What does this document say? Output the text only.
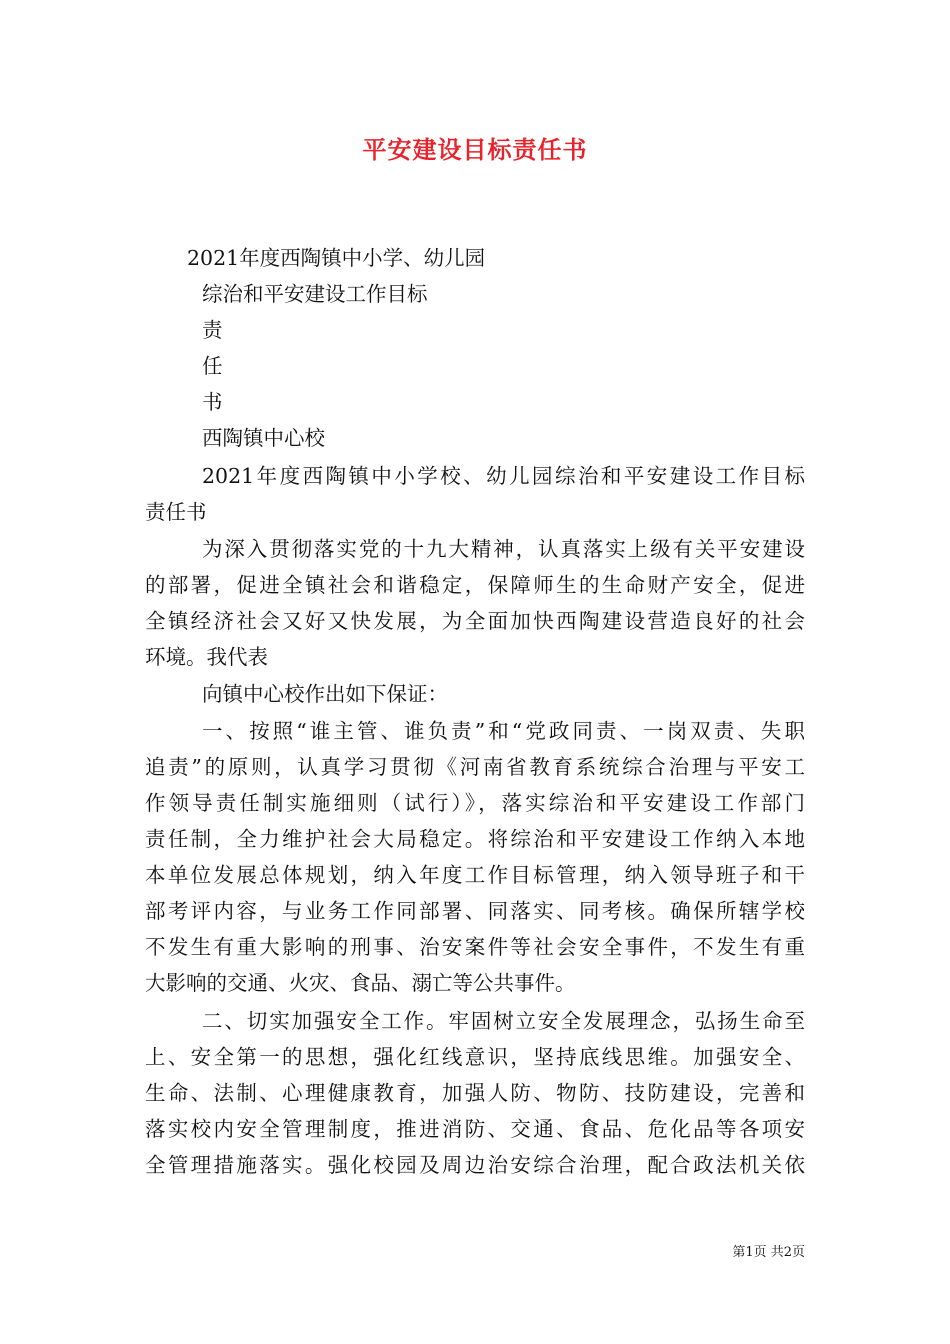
平安建设目标责任书
2021年度西陶镇中小学、幼儿园
综治和平安建设工作目标
责
任
书
西陶镇中心校
2021年度西陶镇中小学校、幼儿园综治和平安建设工作目标
责任书
为深入贯彻落实党的十九大精神，认真落实上级有关平安建设
的部署，促进全镇社会和谐稳定，保障师生的生命财产安全，促进
全镇经济社会又好又快发展，为全面加快西陶建设营造良好的社会
环境。我代表
向镇中心校作出如下保证：
一、按照“谁主管、谁负责”和“党政同责、一岗双责、失职
追责”的原则，认真学习贯彻《河南省教育系统综合治理与平安工
作领导责任制实施细则（试行）》，落实综治和平安建设工作部门
责任制，全力维护社会大局稳定。将综治和平安建设工作纳入本地
本单位发展总体规划，纳入年度工作目标管理，纳入领导班子和干
部考评内容，与业务工作同部署、同落实、同考核。确保所辖学校
不发生有重大影响的刑事、治安案件等社会安全事件，不发生有重
大影响的交通、火灾、食品、溺亡等公共事件。
二、切实加强安全工作。牢固树立安全发展理念，弘扬生命至
上、安全第一的思想，强化红线意识，坚持底线思维。加强安全、
生命、法制、心理健康教育，加强人防、物防、技防建设，完善和
落实校内安全管理制度，推进消防、交通、食品、危化品等各项安
全管理措施落实。强化校园及周边治安综合治理，配合政法机关依
第1页 共2页
